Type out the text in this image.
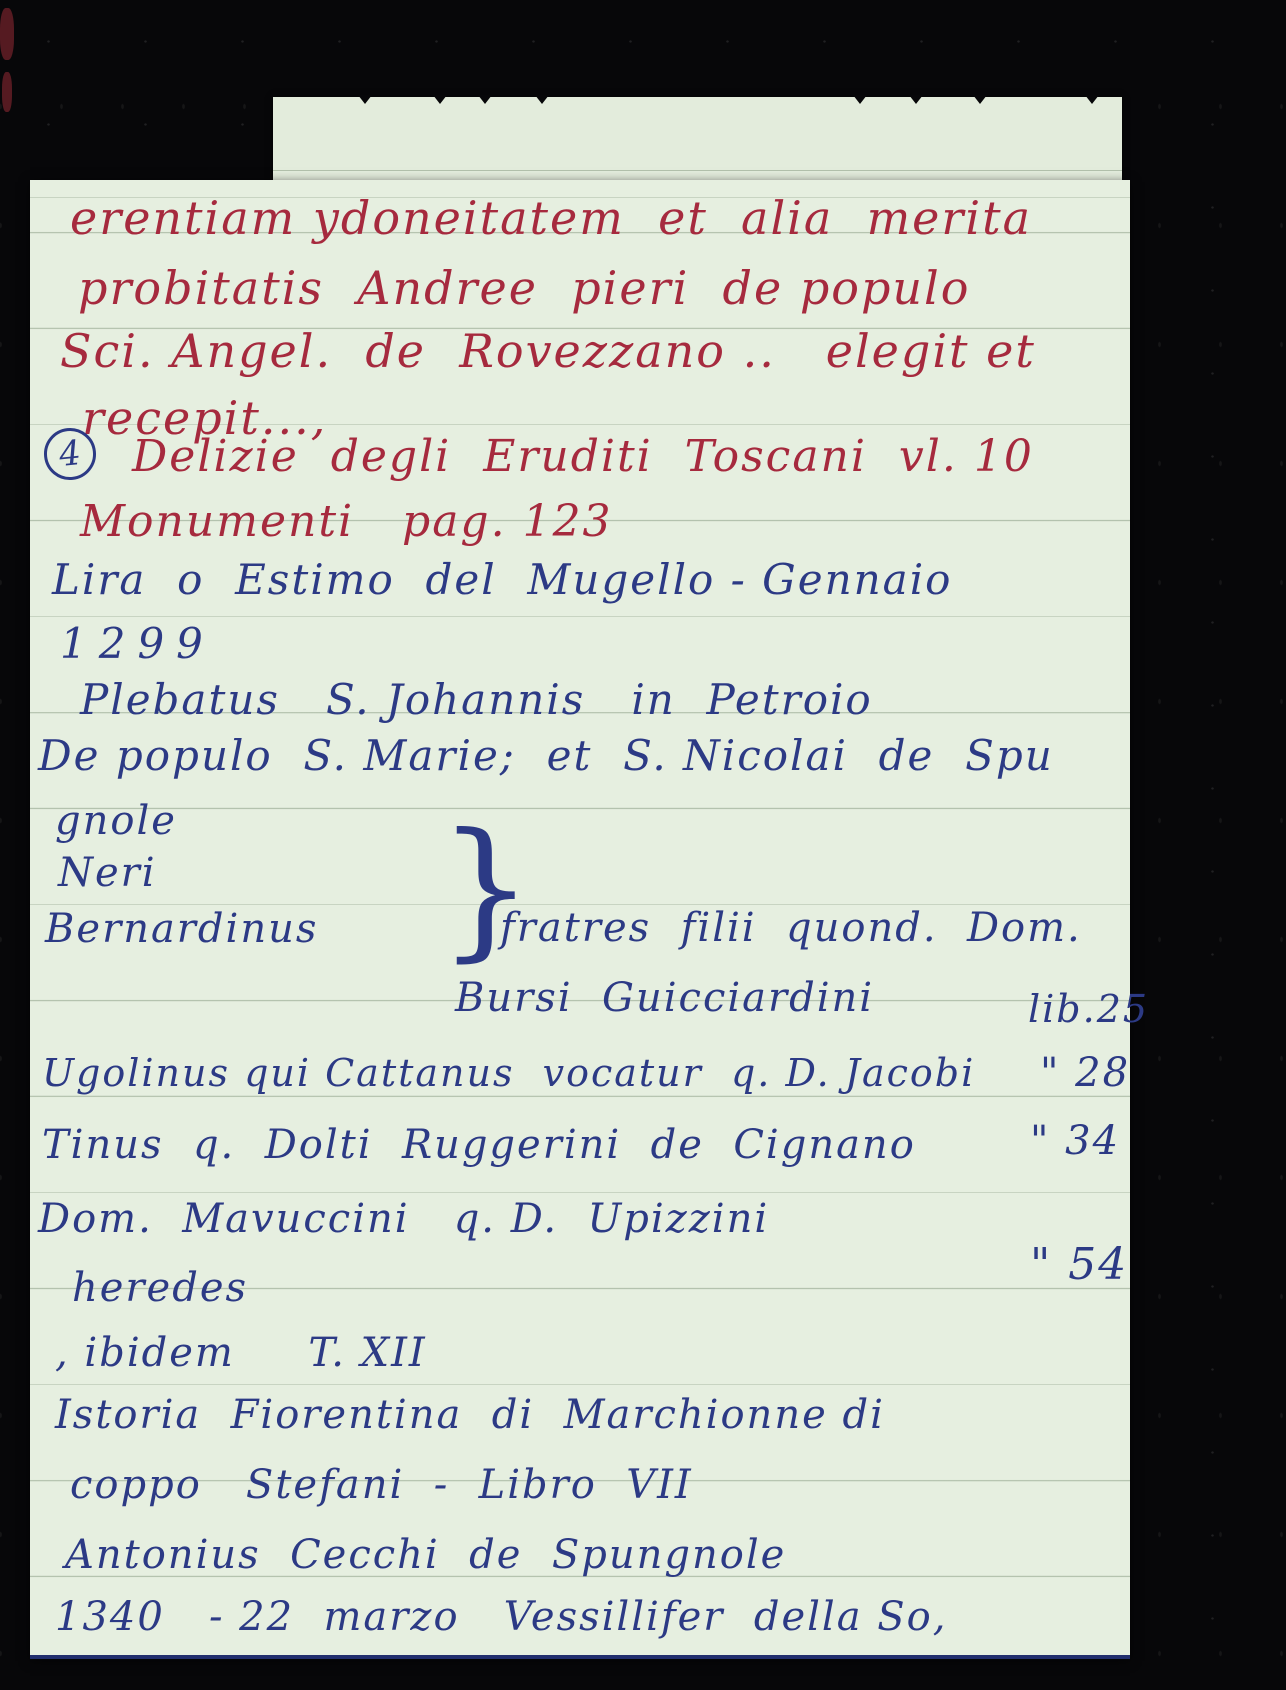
erentiam ydoneitatem  et  alia  merita
probitatis  Andree  pieri  de populo
Sci. Angel.  de  Rovezzano ..   elegit et
recepit...,
4 Delizie  degli  Eruditi  Toscani  vl. 10
Monumenti   pag. 123
Lira  o  Estimo  del  Mugello - Gennaio
1299
Plebatus   S. Johannis   in  Petroio
De populo  S. Marie;  et  S. Nicolai  de  Spu
gnole
Neri
Bernardinus }
fratres  filii  quond.  Dom.
Bursi  Guicciardini
Ugolinus qui Cattanus  vocatur  q. D. Jacobi
Tinus  q.  Dolti  Ruggerini  de  Cignano
Dom.  Mavuccini   q. D.  Upizzini
heredes
lib.25
" 28
" 34
" 54
, ibidem     T. XII
Istoria  Fiorentina  di  Marchionne di
coppo   Stefani  -  Libro  VII
Antonius  Cecchi  de  Spungnole
1340   - 22  marzo   Vessillifer  della So,
